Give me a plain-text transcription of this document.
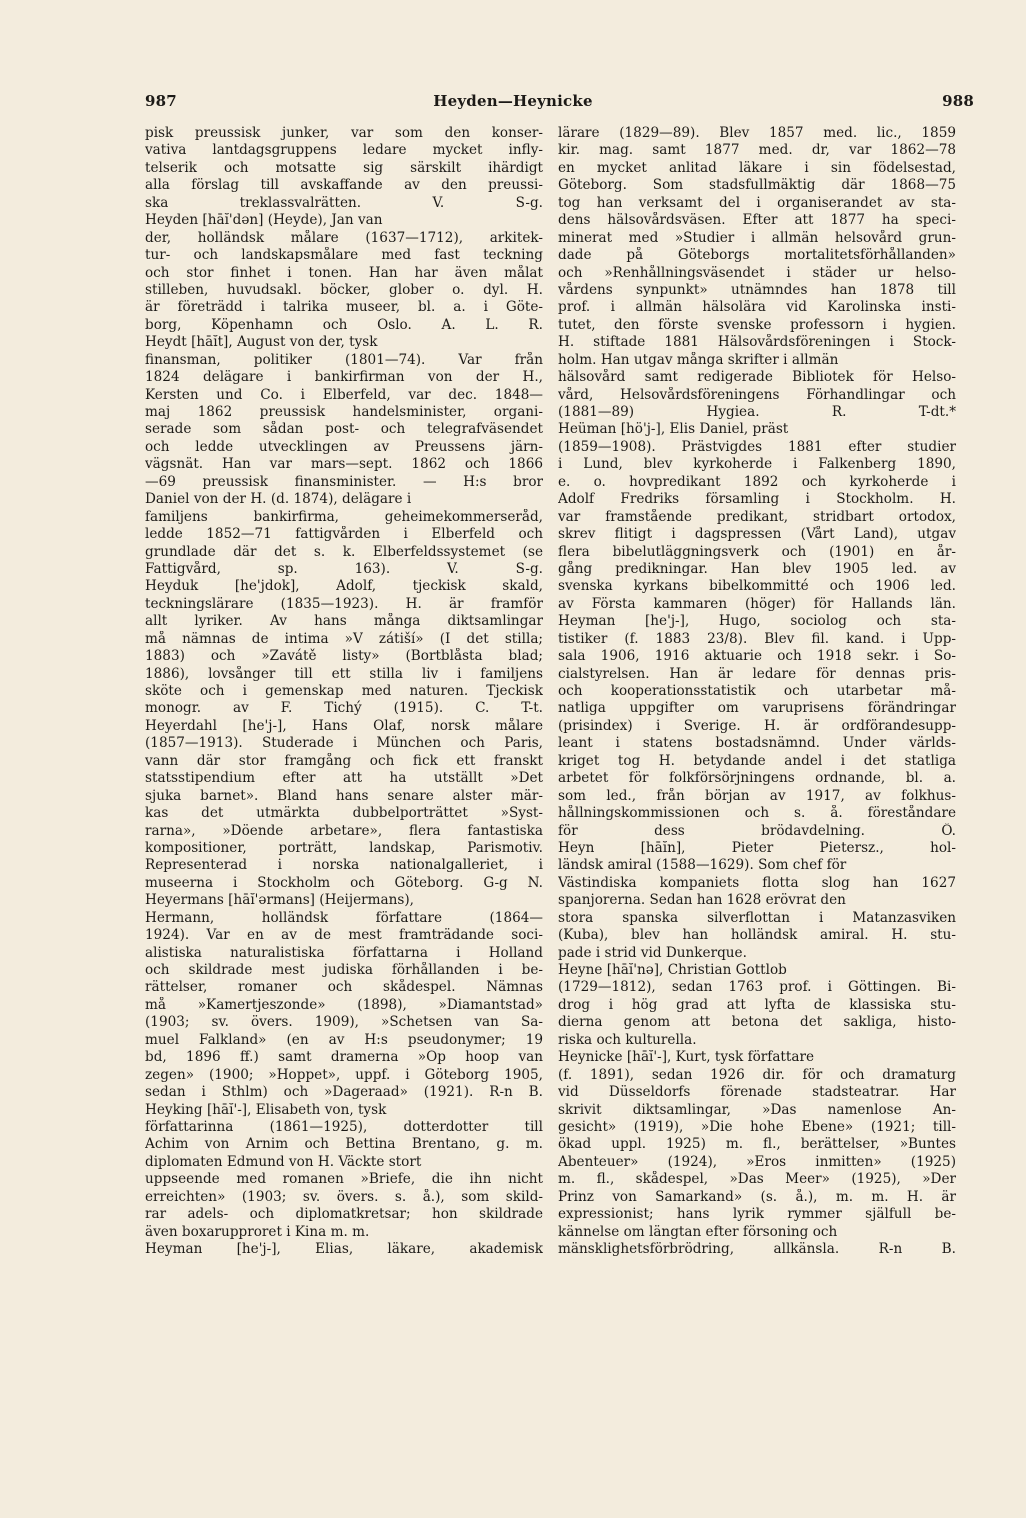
987	Heyden—Heynicke	988
pisk preussisk junker, var som den konser-
vativa lantdagsgruppens ledare mycket infly-
telserik och motsatte sig särskilt ihärdigt
alla förslag till avskaffande av den preussi-
ska treklassvalrätten. V. S-g.
Heyden [hāĭ'dən] (Heyde), Jan van
der, holländsk målare (1637—1712), arkitek-
tur- och landskapsmålare med fast teckning
och stor finhet i tonen. Han har även målat
stilleben, huvudsakl. böcker, glober o. dyl. H.
är företrädd i talrika museer, bl. a. i Göte-
borg, Köpenhamn och Oslo. A. L. R.
Heydt [hāĭt], August von der, tysk
finansman, politiker (1801—74). Var från
1824 delägare i bankirfirman von der H.,
Kersten und Co. i Elberfeld, var dec. 1848—
maj 1862 preussisk handelsminister, organi-
serade som sådan post- och telegrafväsendet
och ledde utvecklingen av Preussens järn-
vägsnät. Han var mars—sept. 1862 och 1866
—69 preussisk finansminister. — H:s bror
Daniel von der H. (d. 1874), delägare i
familjens bankirfirma, geheimekommerseråd,
ledde 1852—71 fattigvården i Elberfeld och
grundlade där det s. k. Elberfeldssystemet (se
Fattigvård, sp. 163). V. S-g.
Heyduk [he'jdok], Adolf, tjeckisk skald,
teckningslärare (1835—1923). H. är framför
allt lyriker. Av hans många diktsamlingar
må nämnas de intima »V zátiší» (I det stilla;
1883) och »Zavátě listy» (Bortblåsta blad;
1886), lovsånger till ett stilla liv i familjens
sköte och i gemenskap med naturen. Tjeckisk
monogr. av F. Tichý (1915). C. T-t.
Heyerdahl [he'j-], Hans Olaf, norsk målare
(1857—1913). Studerade i München och Paris,
vann där stor framgång och fick ett franskt
statsstipendium efter att ha utställt »Det
sjuka barnet». Bland hans senare alster mär-
kas det utmärkta dubbelporträttet »Syst-
rarna», »Döende arbetare», flera fantastiska
kompositioner, porträtt, landskap, Parismotiv.
Representerad i norska nationalgalleriet, i
museerna i Stockholm och Göteborg. G-g N.
Heyermans [hāĭ'ərmans] (Heijermans),
Hermann, holländsk författare (1864—
1924). Var en av de mest framträdande soci-
alistiska naturalistiska författarna i Holland
och skildrade mest judiska förhållanden i be-
rättelser, romaner och skådespel. Nämnas
må »Kamertjeszonde» (1898), »Diamantstad»
(1903; sv. övers. 1909), »Schetsen van Sa-
muel Falkland» (en av H:s pseudonymer; 19
bd, 1896 ff.) samt dramerna »Op hoop van
zegen» (1900; »Hoppet», uppf. i Göteborg 1905,
sedan i Sthlm) och »Dageraad» (1921). R-n B.
Heyking [hāĭ'-], Elisabeth von, tysk
författarinna (1861—1925), dotterdotter till
Achim von Arnim och Bettina Brentano, g. m.
diplomaten Edmund von H. Väckte stort
uppseende med romanen »Briefe, die ihn nicht
erreichten» (1903; sv. övers. s. å.), som skild-
rar adels- och diplomatkretsar; hon skildrade
även boxarupproret i Kina m. m.
Heyman [he'j-], Elias, läkare, akademisk
lärare (1829—89). Blev 1857 med. lic., 1859
kir. mag. samt 1877 med. dr, var 1862—78
en mycket anlitad läkare i sin födelsestad,
Göteborg. Som stadsfullmäktig där 1868—75
tog han verksamt del i organiserandet av sta-
dens hälsovårdsväsen. Efter att 1877 ha speci-
minerat med »Studier i allmän helsovård grun-
dade på Göteborgs mortalitetsförhållanden»
och »Renhållningsväsendet i städer ur helso-
vårdens synpunkt» utnämndes han 1878 till
prof. i allmän hälsolära vid Karolinska insti-
tutet, den förste svenske professorn i hygien.
H. stiftade 1881 Hälsovårdsföreningen i Stock-
holm. Han utgav många skrifter i allmän
hälsovård samt redigerade Bibliotek för Helso-
vård, Helsovårdsföreningens Förhandlingar och
(1881—89) Hygiea. R. T-dt.*
Heüman [hö'j-], Elis Daniel, präst
(1859—1908). Prästvigdes 1881 efter studier
i Lund, blev kyrkoherde i Falkenberg 1890,
e. o. hovpredikant 1892 och kyrkoherde i
Adolf Fredriks församling i Stockholm. H.
var framstående predikant, stridbart ortodox,
skrev flitigt i dagspressen (Vårt Land), utgav
flera bibelutläggningsverk och (1901) en år-
gång predikningar. Han blev 1905 led. av
svenska kyrkans bibelkommitté och 1906 led.
av Första kammaren (höger) för Hallands län.
Heyman [he'j-], Hugo, sociolog och sta-
tistiker (f. 1883 23/8). Blev fil. kand. i Upp-
sala 1906, 1916 aktuarie och 1918 sekr. i So-
cialstyrelsen. Han är ledare för dennas pris-
och kooperationsstatistik och utarbetar må-
natliga uppgifter om varuprisens förändringar
(prisindex) i Sverige. H. är ordförandesupp-
leant i statens bostadsnämnd. Under världs-
kriget tog H. betydande andel i det statliga
arbetet för folkförsörjningens ordnande, bl. a.
som led., från början av 1917, av folkhus-
hållningskommissionen och s. å. föreståndare
för dess brödavdelning. Ö.
Heyn [hāĭn], Pieter Pietersz., hol-
ländsk amiral (1588—1629). Som chef för
Västindiska kompaniets flotta slog han 1627
spanjorerna. Sedan han 1628 erövrat den
stora spanska silverflottan i Matanzasviken
(Kuba), blev han holländsk amiral. H. stu-
pade i strid vid Dunkerque.
Heyne [hāĭ'nə], Christian Gottlob
(1729—1812), sedan 1763 prof. i Göttingen. Bi-
drog i hög grad att lyfta de klassiska stu-
dierna genom att betona det sakliga, histo-
riska och kulturella.
Heynicke [hāĭ'-], Kurt, tysk författare
(f. 1891), sedan 1926 dir. för och dramaturg
vid Düsseldorfs förenade stadsteatrar. Har
skrivit diktsamlingar, »Das namenlose An-
gesicht» (1919), »Die hohe Ebene» (1921; till-
ökad uppl. 1925) m. fl., berättelser, »Buntes
Abenteuer» (1924), »Eros inmitten» (1925)
m. fl., skådespel, »Das Meer» (1925), »Der
Prinz von Samarkand» (s. å.), m. m. H. är
expressionist; hans lyrik rymmer själfull be-
kännelse om längtan efter försoning och
mänsklighetsförbrödring, allkänsla. R-n B.
